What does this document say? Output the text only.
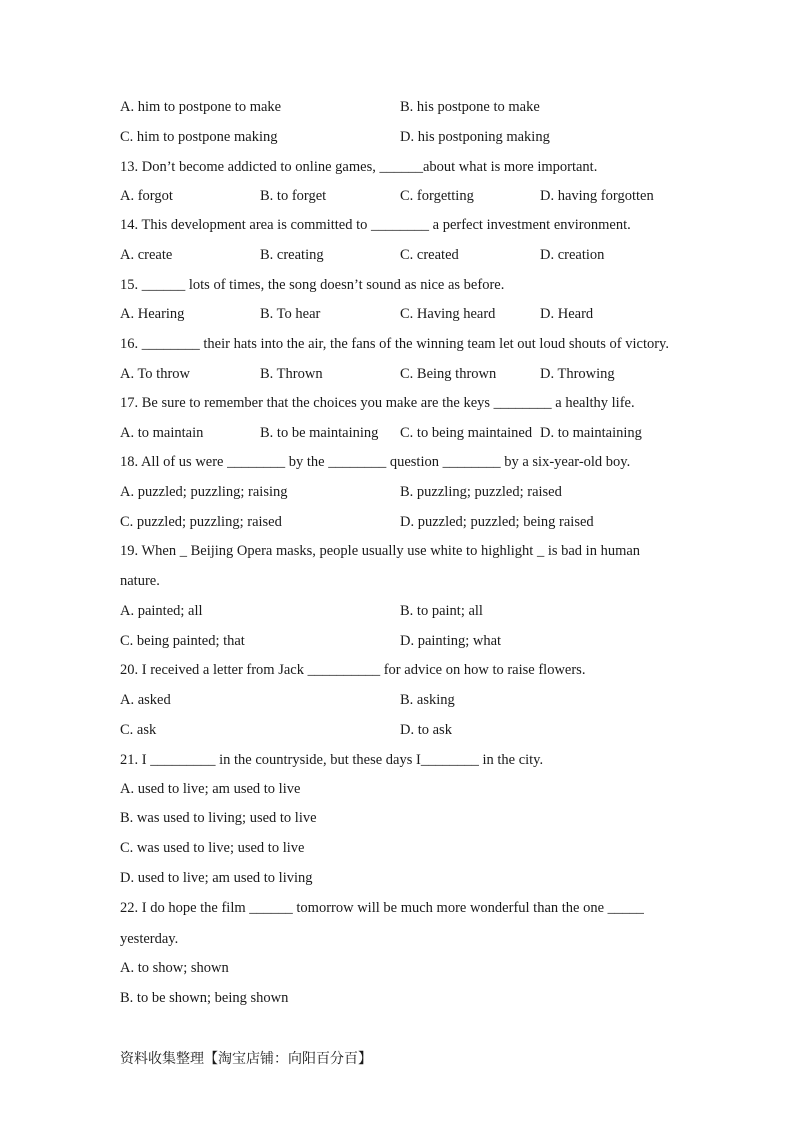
A. him to postpone to make	B. his postpone to make
C. him to postpone making	D. his postponing making
13. Don’t become addicted to online games, ______about what is more important.
A. forgot	B. to forget	C. forgetting	D. having forgotten
14. This development area is committed to ________ a perfect investment environment.
A. create	B. creating	C. created	D. creation
15. ______ lots of times, the song doesn’t sound as nice as before.
A. Hearing	B. To hear	C. Having heard	D. Heard
16. ________ their hats into the air, the fans of the winning team let out loud shouts of victory.
A. To throw	B. Thrown	C. Being thrown	D. Throwing
17. Be sure to remember that the choices you make are the keys ________ a healthy life.
A. to maintain	B. to be maintaining C. to being maintained D. to maintaining
18. All of us were ________ by the ________ question ________ by a six-year-old boy.
A. puzzled; puzzling; raising	B. puzzling; puzzled; raised
C. puzzled; puzzling; raised	D. puzzled; puzzled; being raised
19. When _ Beijing Opera masks, people usually use white to highlight _ is bad in human
nature.
A. painted; all	B. to paint; all
C. being painted; that	D. painting; what
20. I received a letter from Jack __________ for advice on how to raise flowers.
A. asked	B. asking
C. ask	D. to ask
21. I _________ in the countryside, but these days I________ in the city.
A. used to live; am used to live
B. was used to living; used to live
C. was used to live; used to live
D. used to live; am used to living
22. I do hope the film ______ tomorrow will be much more wonderful than the one _____
yesterday.
A. to show; shown
B. to be shown; being shown
资料收集整理【淘宝店铺：向阳百分百】
